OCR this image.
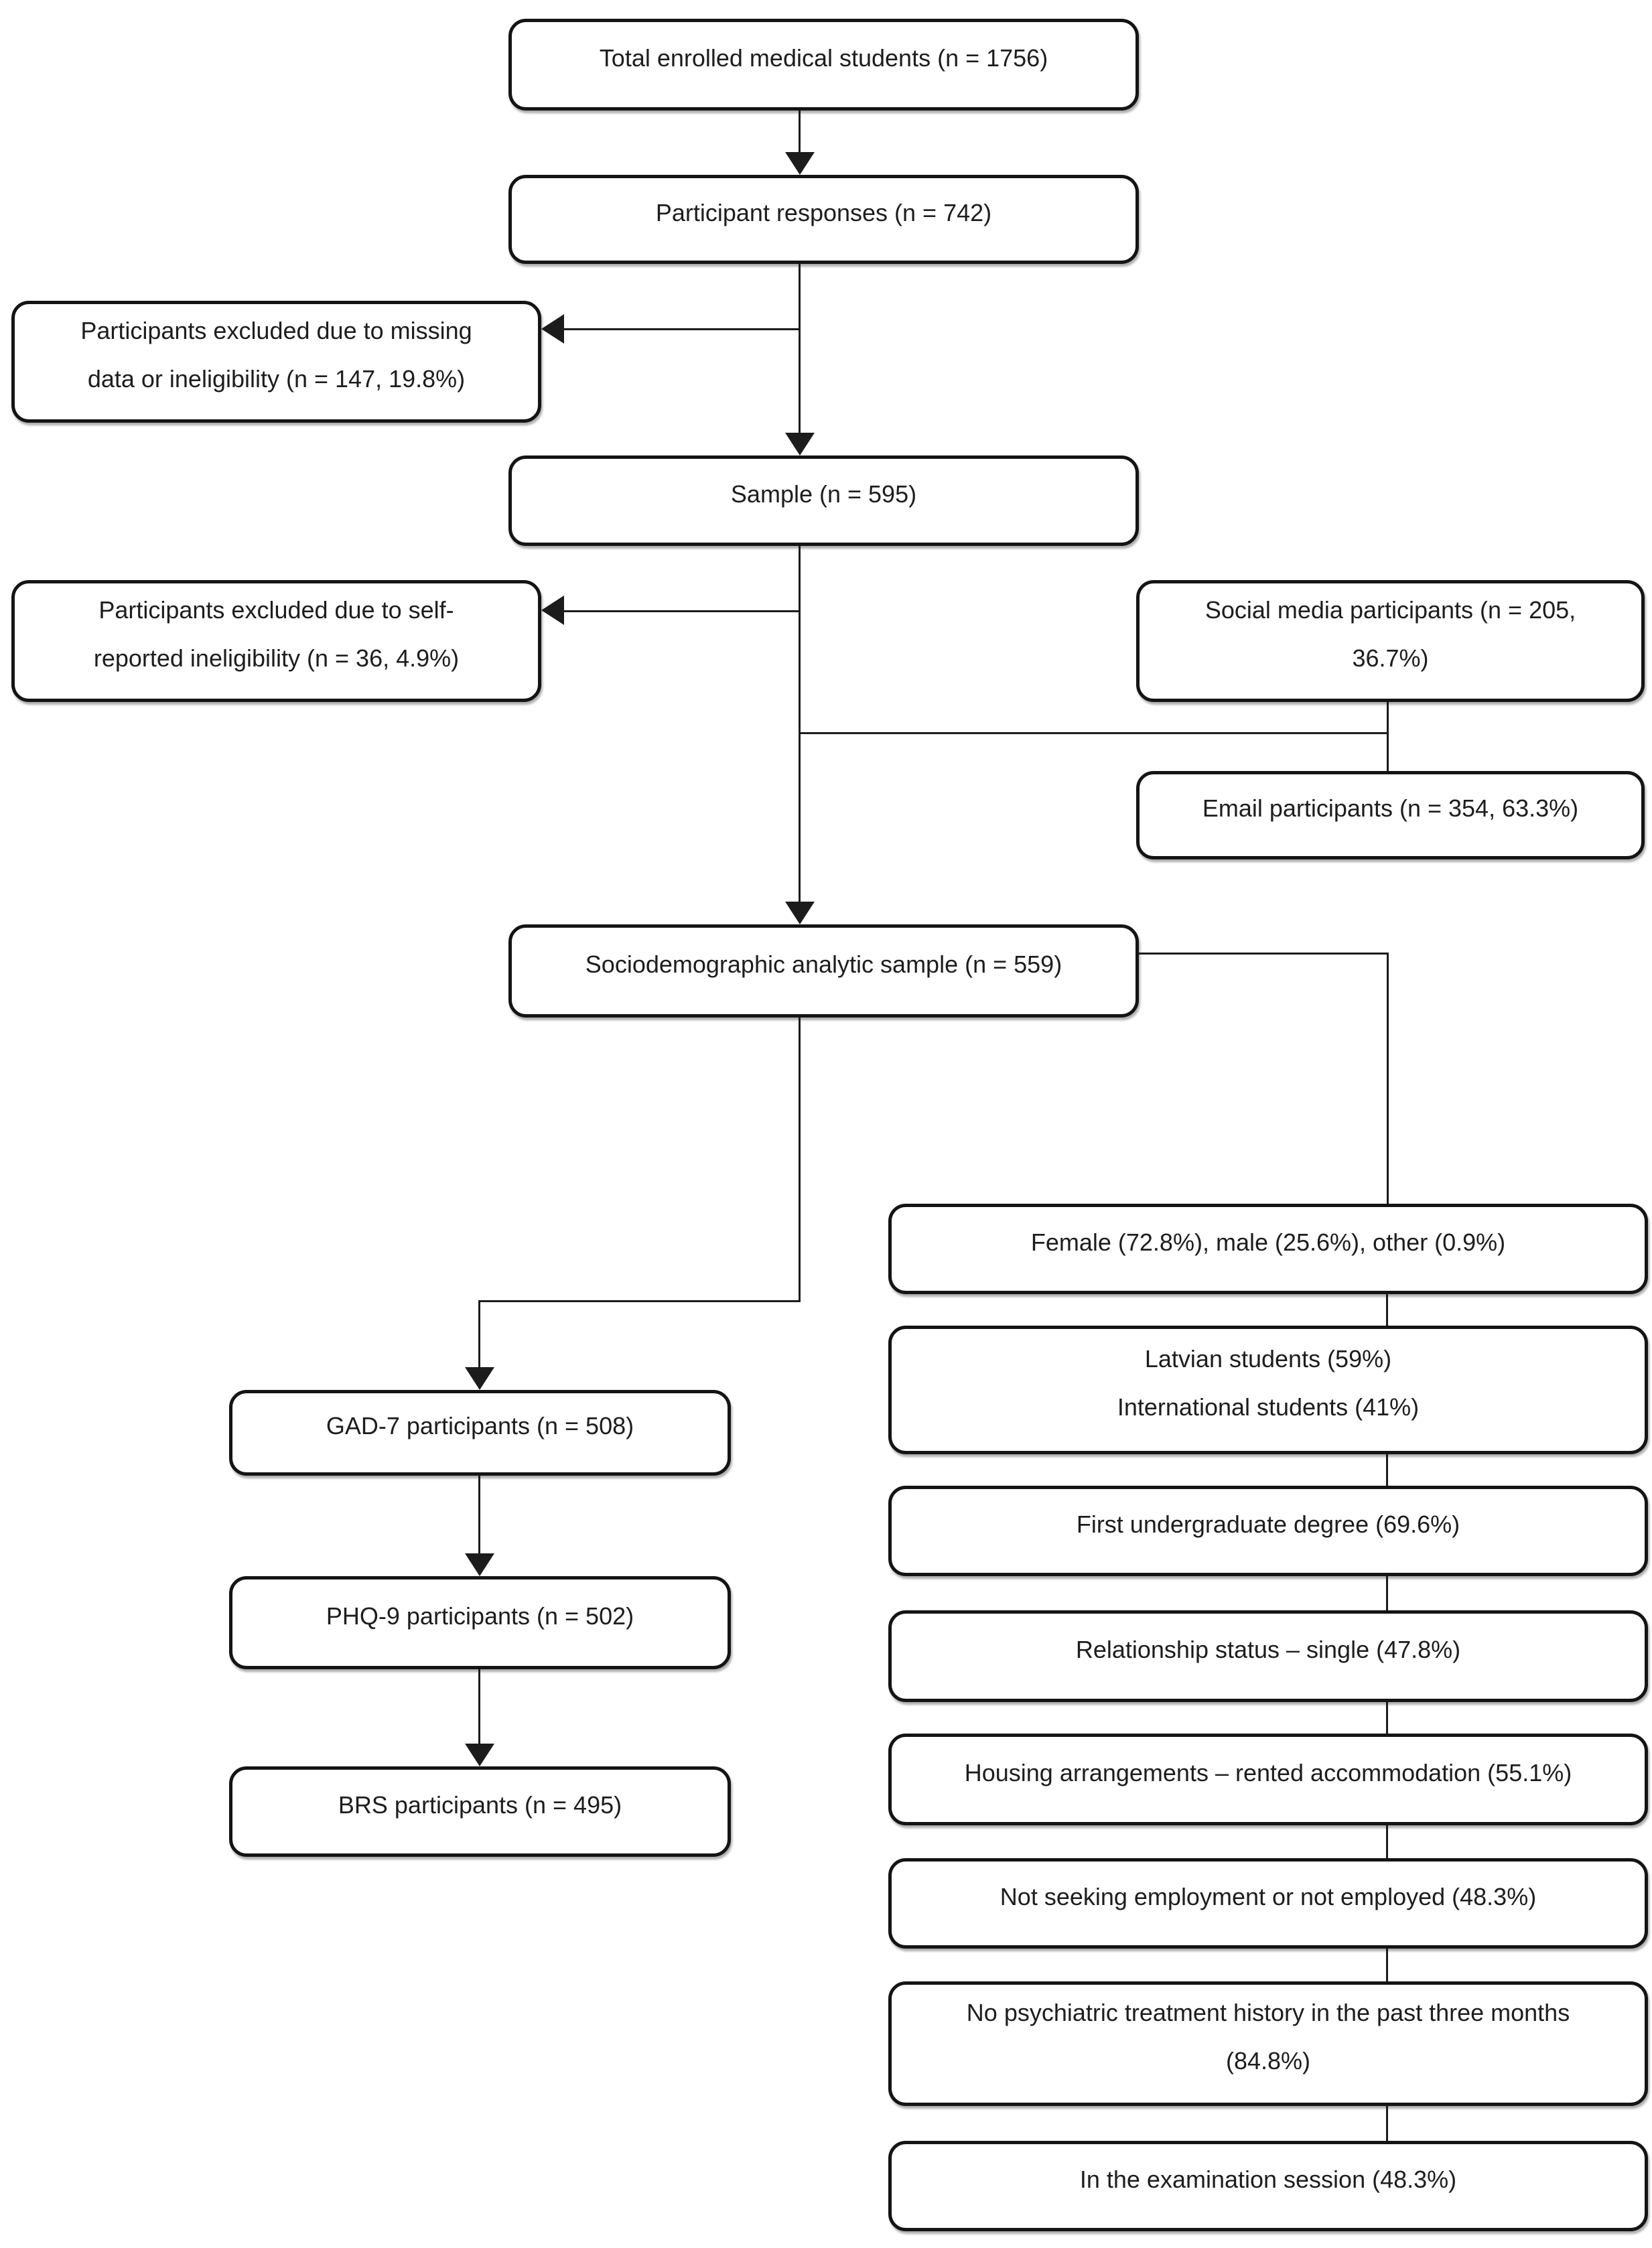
Total enrolled medical students (n = 1756)
Participant responses (n = 742)
Participants excluded due to missing
data or ineligibility (n = 147, 19.8%)
Sample (n = 595)
Participants excluded due to self-
reported ineligibility (n = 36, 4.9%)
Social media participants (n = 205,
36.7%)
Email participants (n = 354, 63.3%)
Sociodemographic analytic sample (n = 559)
GAD-7 participants (n = 508)
PHQ-9 participants (n = 502)
BRS participants (n = 495)
Female (72.8%), male (25.6%), other (0.9%)
Latvian students (59%)
International students (41%)
First undergraduate degree (69.6%)
Relationship status – single (47.8%)
Housing arrangements – rented accommodation (55.1%)
Not seeking employment or not employed (48.3%)
No psychiatric treatment history in the past three months
(84.8%)
In the examination session (48.3%)
